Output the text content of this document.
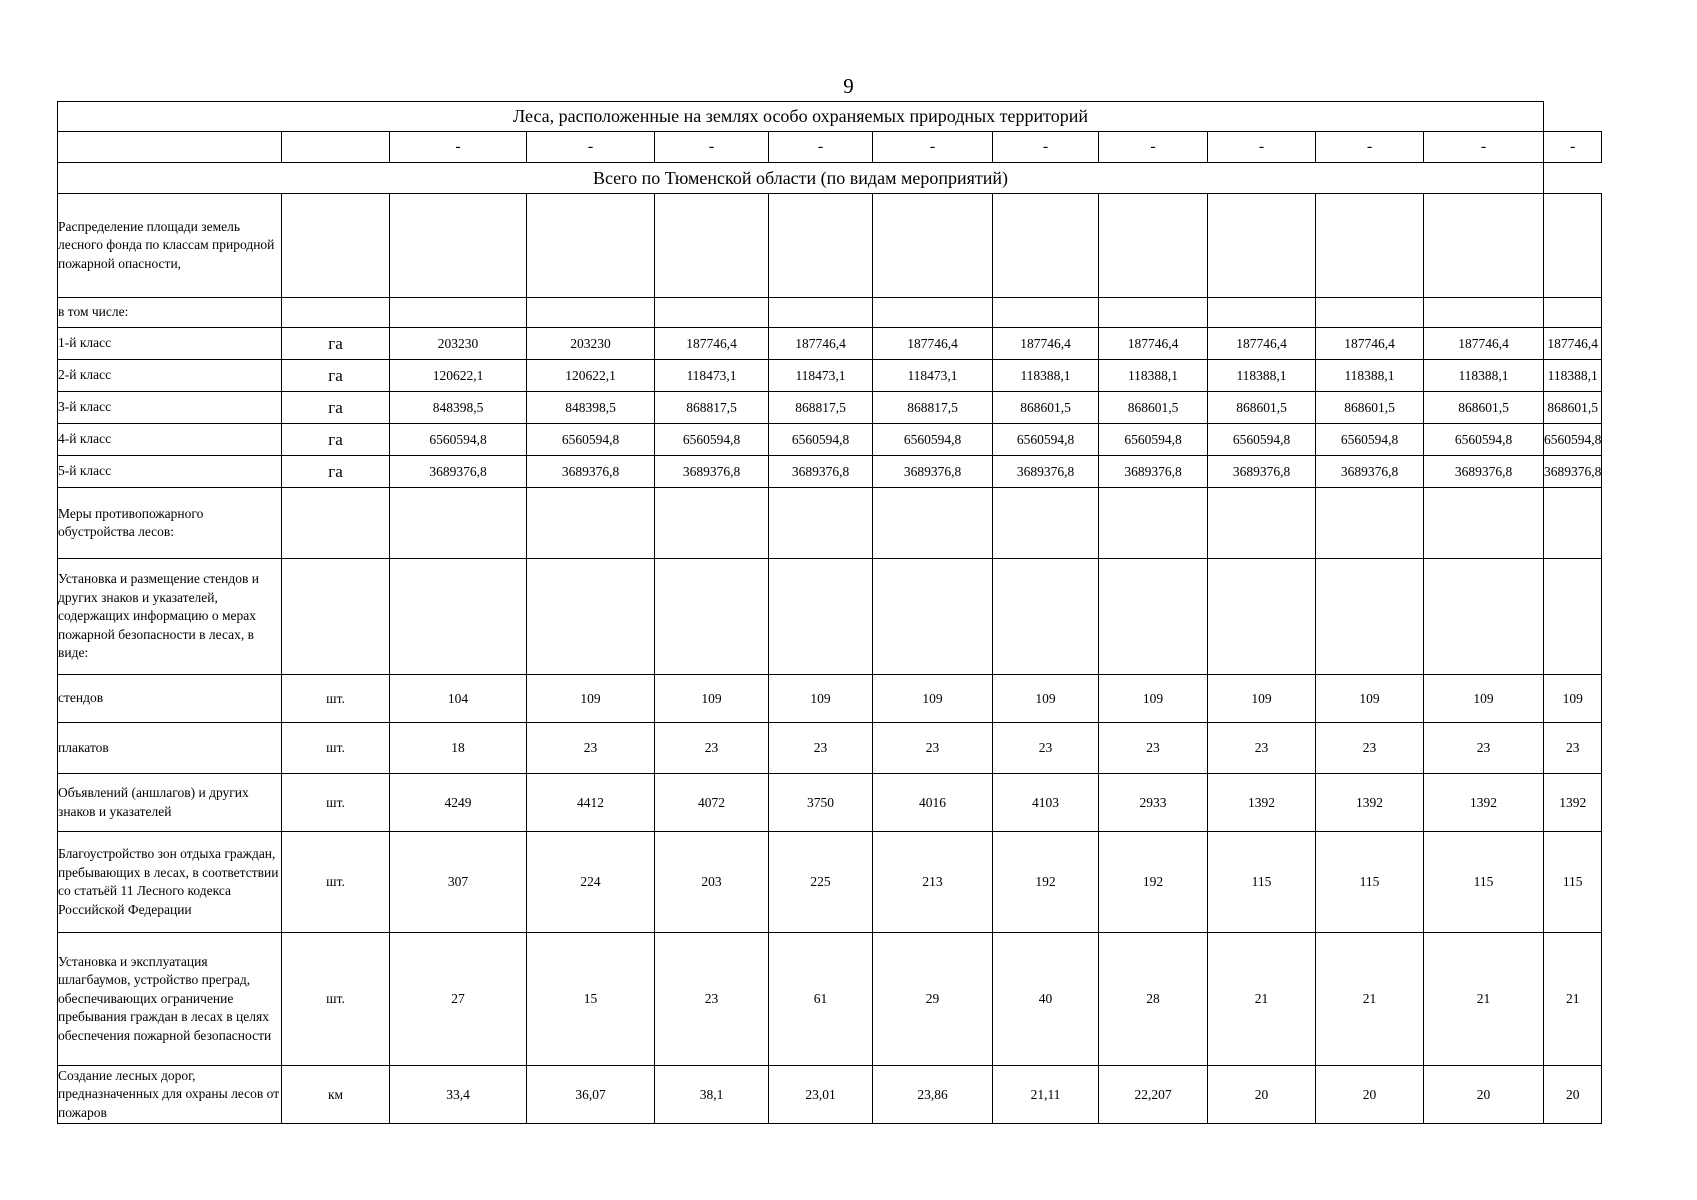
9
Леса, расположенные на землях особо охраняемых природных территорий												
		-	-	-	-	-	-	-	-	-	-	-
Всего по Тюменской области (по видам мероприятий)												
Распределение площади земель лесного фонда по классам природной пожарной опасности,												
в том числе:												
1-й класс	га	203230	203230	187746,4	187746,4	187746,4	187746,4	187746,4	187746,4	187746,4	187746,4	187746,4
2-й класс	га	120622,1	120622,1	118473,1	118473,1	118473,1	118388,1	118388,1	118388,1	118388,1	118388,1	118388,1
3-й класс	га	848398,5	848398,5	868817,5	868817,5	868817,5	868601,5	868601,5	868601,5	868601,5	868601,5	868601,5
4-й класс	га	6560594,8	6560594,8	6560594,8	6560594,8	6560594,8	6560594,8	6560594,8	6560594,8	6560594,8	6560594,8	6560594,8
5-й класс	га	3689376,8	3689376,8	3689376,8	3689376,8	3689376,8	3689376,8	3689376,8	3689376,8	3689376,8	3689376,8	3689376,8
Меры противопожарного обустройства лесов:												
Установка и размещение стендов и других знаков и указателей, содержащих информацию о мерах пожарной безопасности в лесах, в виде:												
стендов	шт.	104	109	109	109	109	109	109	109	109	109	109
плакатов	шт.	18	23	23	23	23	23	23	23	23	23	23
Объявлений (аншлагов) и других знаков и указателей	шт.	4249	4412	4072	3750	4016	4103	2933	1392	1392	1392	1392
Благоустройство зон отдыха граждан, пребывающих в лесах, в соответствии со статьёй 11 Лесного кодекса Российской Федерации	шт.	307	224	203	225	213	192	192	115	115	115	115
Установка и эксплуатация шлагбаумов, устройство преград, обеспечивающих ограничение пребывания граждан в лесах в целях обеспечения пожарной безопасности	шт.	27	15	23	61	29	40	28	21	21	21	21
Создание лесных дорог, предназначенных для охраны лесов от пожаров	км	33,4	36,07	38,1	23,01	23,86	21,11	22,207	20	20	20	20
